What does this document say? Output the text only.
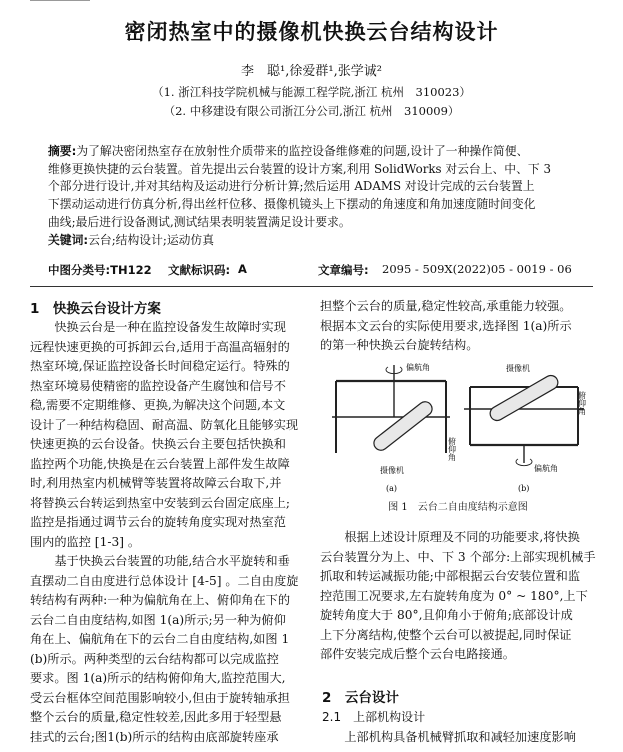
密闭热室中的摄像机快换云台结构设计
李　聪¹,徐爱群¹,张学诚²
（1. 浙江科技学院机械与能源工程学院,浙江 杭州　310023）
（2. 中移建设有限公司浙江分公司,浙江 杭州　310009）
摘要:为了解决密闭热室存在放射性介质带来的监控设备维修难的问题,设计了一种操作简便、
维修更换快捷的云台装置。首先提出云台装置的设计方案,利用 SolidWorks 对云台上、中、下 3
个部分进行设计,并对其结构及运动进行分析计算;然后运用 ADAMS 对设计完成的云台装置上
下摆动运动进行仿真分析,得出丝杆位移、摄像机镜头上下摆动的角速度和角加速度随时间变化
曲线;最后进行设备测试,测试结果表明装置满足设计要求。
关键词:云台;结构设计;运动仿真
中图分类号:TH122 文献标识码: A	文章编号: 2095 - 509X(2022)05 - 0019 - 06
1　快换云台设计方案
　　快换云台是一种在监控设备发生故障时实现
远程快速更换的可拆卸云台,适用于高温高辐射的
热室环境,保证监控设备长时间稳定运行。特殊的
热室环境易使精密的监控设备产生腐蚀和信号不
稳,需要不定期维修、更换,为解决这个问题,本文
设计了一种结构稳固、耐高温、防氧化且能够实现
快速更换的云台设备。快换云台主要包括快换和
监控两个功能,快换是在云台装置上部件发生故障
时,利用热室内机械臂等装置将故障云台取下,并
将替换云台转运到热室中安装到云台固定底座上;
监控是指通过调节云台的旋转角度实现对热室范
围内的监控 [1-3] 。
　　基于快换云台装置的功能,结合水平旋转和垂
直摆动二自由度进行总体设计 [4-5] 。二自由度旋
转结构有两种:一种为偏航角在上、俯仰角在下的
云台二自由度结构,如图 1(a)所示;另一种为俯仰
角在上、偏航角在下的云台二自由度结构,如图 1
(b)所示。两种类型的云台结构都可以完成监控
要求。图 1(a)所示的结构俯仰角大,监控范围大,
受云台框体空间范围影响较小,但由于旋转轴承担
整个云台的质量,稳定性较差,因此多用于轻型悬
挂式的云台;图1(b)所示的结构由底部旋转座承
担整个云台的质量,稳定性较高,承重能力较强。
根据本文云台的实际使用要求,选择图 1(a)所示
的第一种快换云台旋转结构。
偏航角
俯仰角
摄像机
(a)
摄像机
俯仰角
偏航角
(b)
图 1　云台二自由度结构示意图
　　根据上述设计原理及不同的功能要求,将快换
云台装置分为上、中、下 3 个部分:上部实现机械手
抓取和转运减振功能;中部根据云台安装位置和监
控范围工况要求,左右旋转角度为 0° ~ 180°,上下
旋转角度大于 80°,且仰角小于俯角;底部设计成
上下分离结构,使整个云台可以被提起,同时保证
部件安装完成后整个云台电路接通。
2　云台设计
2.1　上部机构设计
　　上部机构具备机械臂抓取和减轻加速度影响
